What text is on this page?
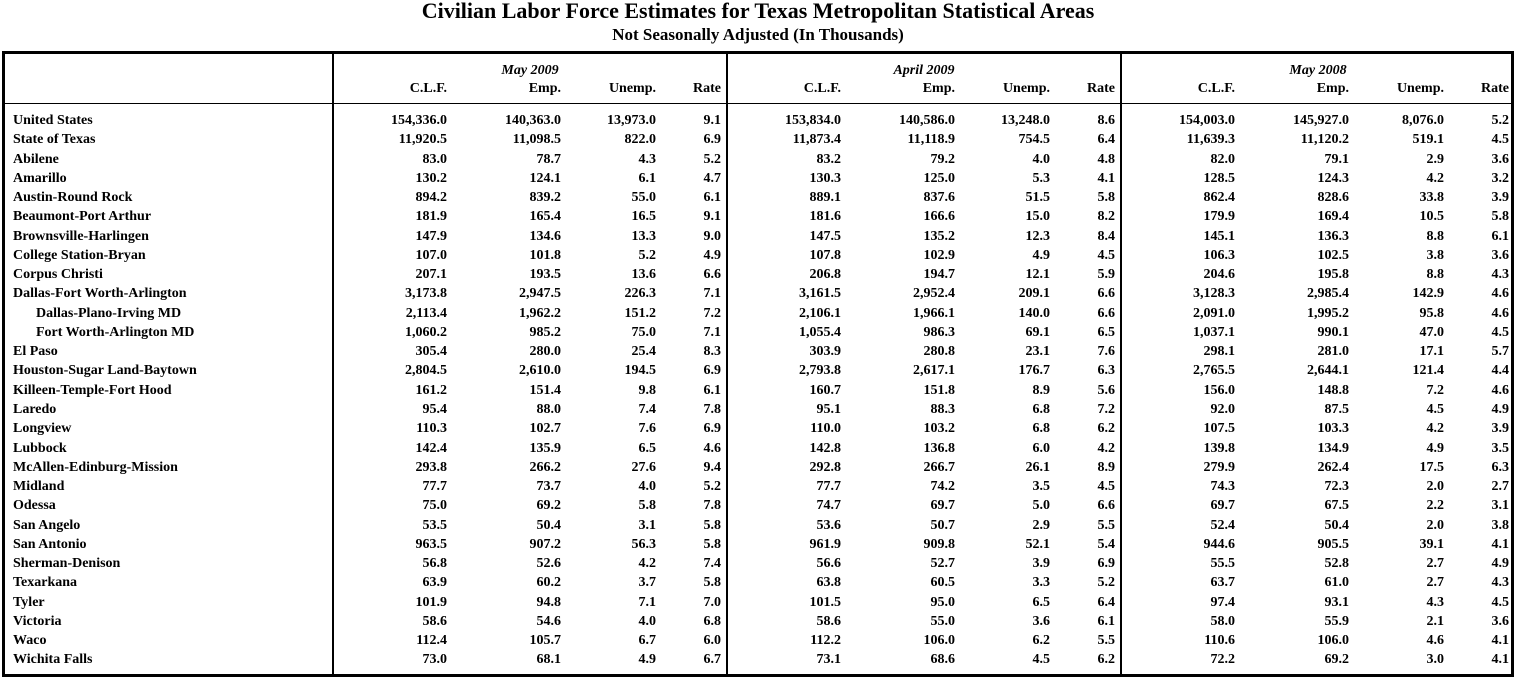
Civilian Labor Force Estimates for Texas Metropolitan Statistical Areas
Not Seasonally Adjusted (In Thousands)
May 2009
C.L.F.	Emp.	Unemp.	Rate
April 2009
C.L.F.	Emp.	Unemp.	Rate
May 2008
C.L.F.	Emp.	Unemp.	Rate
United States	154,336.0	140,363.0	13,973.0	9.1	153,834.0	140,586.0	13,248.0	8.6	154,003.0	145,927.0	8,076.0	5.2
State of Texas	11,920.5	11,098.5	822.0	6.9	11,873.4	11,118.9	754.5	6.4	11,639.3	11,120.2	519.1	4.5
Abilene	83.0	78.7	4.3	5.2	83.2	79.2	4.0	4.8	82.0	79.1	2.9	3.6
Amarillo	130.2	124.1	6.1	4.7	130.3	125.0	5.3	4.1	128.5	124.3	4.2	3.2
Austin-Round Rock	894.2	839.2	55.0	6.1	889.1	837.6	51.5	5.8	862.4	828.6	33.8	3.9
Beaumont-Port Arthur	181.9	165.4	16.5	9.1	181.6	166.6	15.0	8.2	179.9	169.4	10.5	5.8
Brownsville-Harlingen	147.9	134.6	13.3	9.0	147.5	135.2	12.3	8.4	145.1	136.3	8.8	6.1
College Station-Bryan	107.0	101.8	5.2	4.9	107.8	102.9	4.9	4.5	106.3	102.5	3.8	3.6
Corpus Christi	207.1	193.5	13.6	6.6	206.8	194.7	12.1	5.9	204.6	195.8	8.8	4.3
Dallas-Fort Worth-Arlington	3,173.8	2,947.5	226.3	7.1	3,161.5	2,952.4	209.1	6.6	3,128.3	2,985.4	142.9	4.6
Dallas-Plano-Irving MD	2,113.4	1,962.2	151.2	7.2	2,106.1	1,966.1	140.0	6.6	2,091.0	1,995.2	95.8	4.6
Fort Worth-Arlington MD	1,060.2	985.2	75.0	7.1	1,055.4	986.3	69.1	6.5	1,037.1	990.1	47.0	4.5
El Paso	305.4	280.0	25.4	8.3	303.9	280.8	23.1	7.6	298.1	281.0	17.1	5.7
Houston-Sugar Land-Baytown	2,804.5	2,610.0	194.5	6.9	2,793.8	2,617.1	176.7	6.3	2,765.5	2,644.1	121.4	4.4
Killeen-Temple-Fort Hood	161.2	151.4	9.8	6.1	160.7	151.8	8.9	5.6	156.0	148.8	7.2	4.6
Laredo	95.4	88.0	7.4	7.8	95.1	88.3	6.8	7.2	92.0	87.5	4.5	4.9
Longview	110.3	102.7	7.6	6.9	110.0	103.2	6.8	6.2	107.5	103.3	4.2	3.9
Lubbock	142.4	135.9	6.5	4.6	142.8	136.8	6.0	4.2	139.8	134.9	4.9	3.5
McAllen-Edinburg-Mission	293.8	266.2	27.6	9.4	292.8	266.7	26.1	8.9	279.9	262.4	17.5	6.3
Midland	77.7	73.7	4.0	5.2	77.7	74.2	3.5	4.5	74.3	72.3	2.0	2.7
Odessa	75.0	69.2	5.8	7.8	74.7	69.7	5.0	6.6	69.7	67.5	2.2	3.1
San Angelo	53.5	50.4	3.1	5.8	53.6	50.7	2.9	5.5	52.4	50.4	2.0	3.8
San Antonio	963.5	907.2	56.3	5.8	961.9	909.8	52.1	5.4	944.6	905.5	39.1	4.1
Sherman-Denison	56.8	52.6	4.2	7.4	56.6	52.7	3.9	6.9	55.5	52.8	2.7	4.9
Texarkana	63.9	60.2	3.7	5.8	63.8	60.5	3.3	5.2	63.7	61.0	2.7	4.3
Tyler	101.9	94.8	7.1	7.0	101.5	95.0	6.5	6.4	97.4	93.1	4.3	4.5
Victoria	58.6	54.6	4.0	6.8	58.6	55.0	3.6	6.1	58.0	55.9	2.1	3.6
Waco	112.4	105.7	6.7	6.0	112.2	106.0	6.2	5.5	110.6	106.0	4.6	4.1
Wichita Falls	73.0	68.1	4.9	6.7	73.1	68.6	4.5	6.2	72.2	69.2	3.0	4.1
